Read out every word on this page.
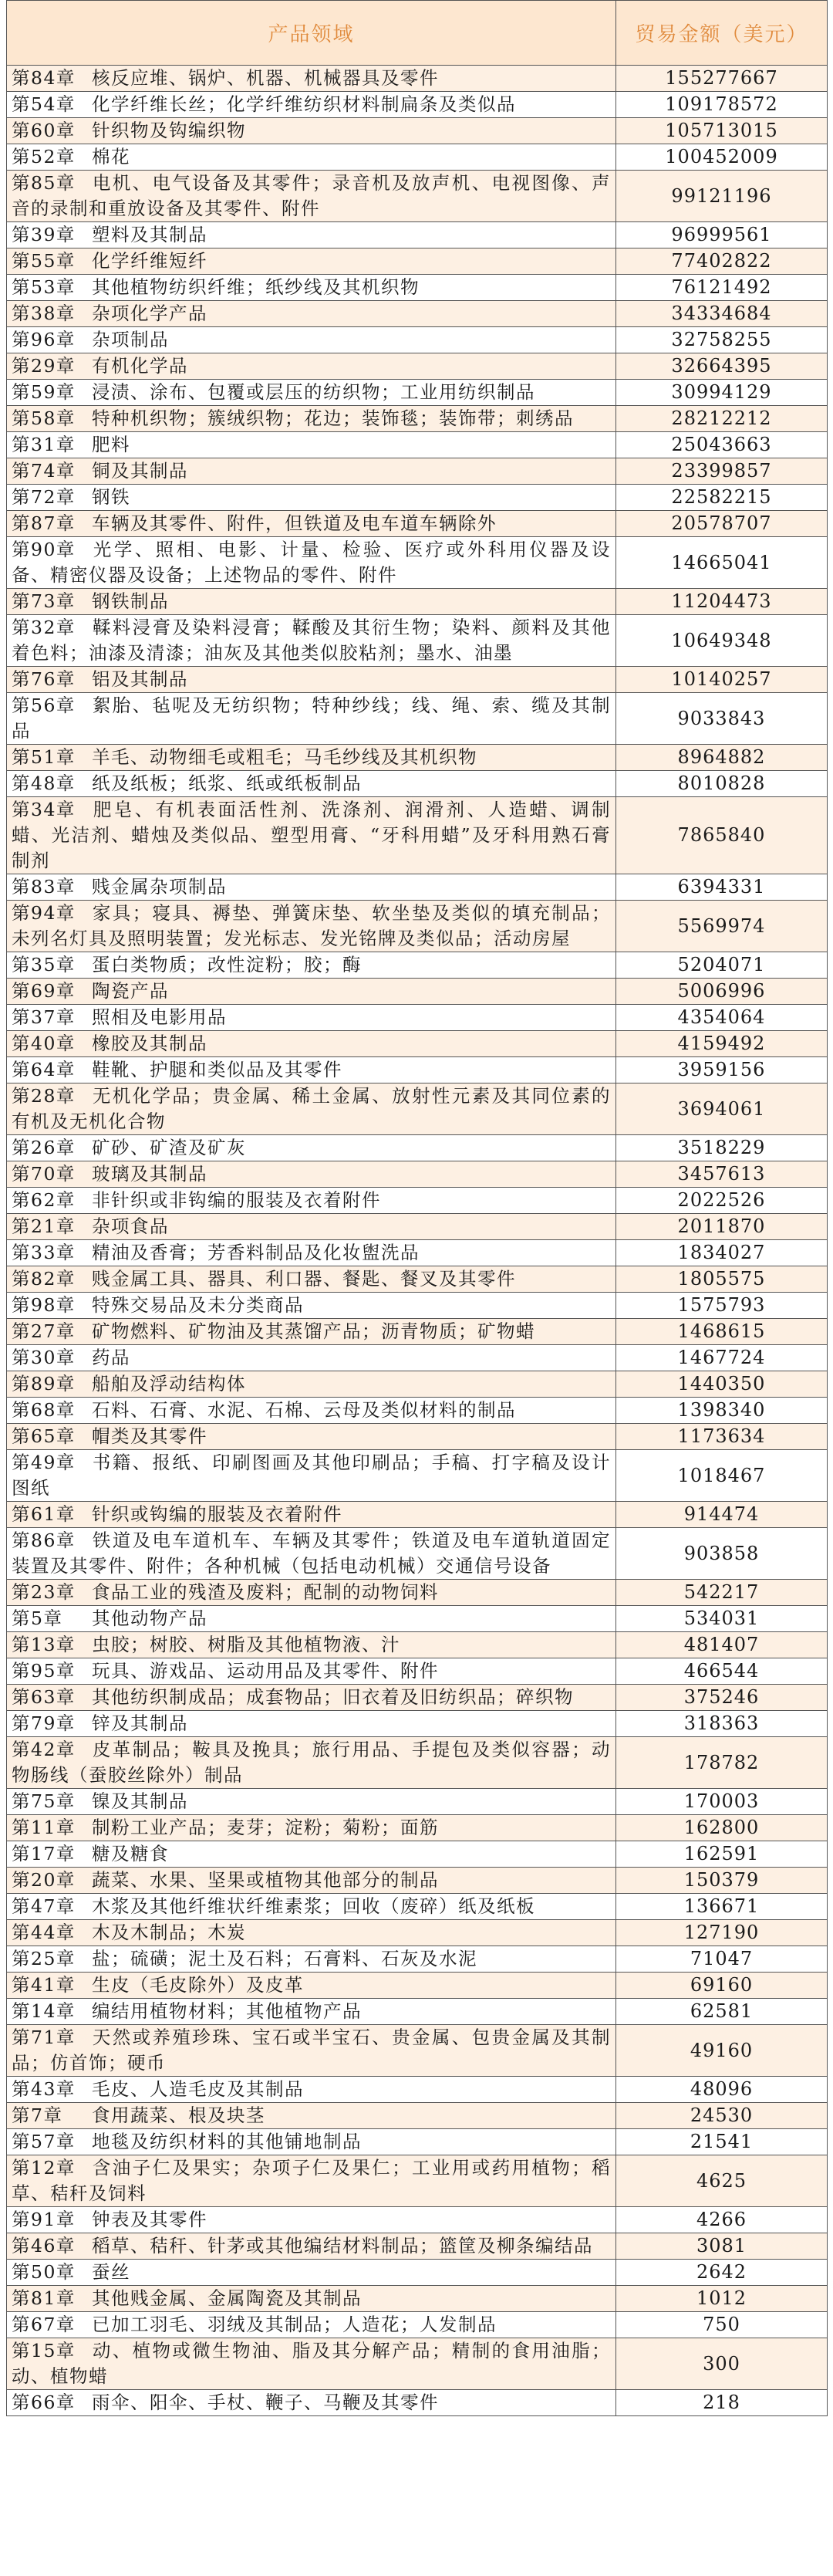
产品领域	贸易金额（美元）
第84章 核反应堆、锅炉、机器、机械器具及零件	155277667
第54章 化学纤维长丝；化学纤维纺织材料制扁条及类似品	109178572
第60章 针织物及钩编织物	105713015
第52章 棉花	100452009
第85章 电机、电气设备及其零件；录音机及放声机、电视图像、声音的录制和重放设备及其零件、附件	99121196
第39章 塑料及其制品	96999561
第55章 化学纤维短纤	77402822
第53章 其他植物纺织纤维；纸纱线及其机织物	76121492
第38章 杂项化学产品	34334684
第96章 杂项制品	32758255
第29章 有机化学品	32664395
第59章 浸渍、涂布、包覆或层压的纺织物；工业用纺织制品	30994129
第58章 特种机织物；簇绒织物；花边；装饰毯；装饰带；刺绣品	28212212
第31章 肥料	25043663
第74章 铜及其制品	23399857
第72章 钢铁	22582215
第87章 车辆及其零件、附件，但铁道及电车道车辆除外	20578707
第90章 光学、照相、电影、计量、检验、医疗或外科用仪器及设备、精密仪器及设备；上述物品的零件、附件	14665041
第73章 钢铁制品	11204473
第32章 鞣料浸膏及染料浸膏；鞣酸及其衍生物；染料、颜料及其他着色料；油漆及清漆；油灰及其他类似胶粘剂；墨水、油墨	10649348
第76章 铝及其制品	10140257
第56章 絮胎、毡呢及无纺织物；特种纱线；线、绳、索、缆及其制品	9033843
第51章 羊毛、动物细毛或粗毛；马毛纱线及其机织物	8964882
第48章 纸及纸板；纸浆、纸或纸板制品	8010828
第34章 肥皂、有机表面活性剂、洗涤剂、润滑剂、人造蜡、调制蜡、光洁剂、蜡烛及类似品、塑型用膏、“牙科用蜡”及牙科用熟石膏制剂	7865840
第83章 贱金属杂项制品	6394331
第94章 家具；寝具、褥垫、弹簧床垫、软坐垫及类似的填充制品；未列名灯具及照明装置；发光标志、发光铭牌及类似品；活动房屋	5569974
第35章 蛋白类物质；改性淀粉；胶；酶	5204071
第69章 陶瓷产品	5006996
第37章 照相及电影用品	4354064
第40章 橡胶及其制品	4159492
第64章 鞋靴、护腿和类似品及其零件	3959156
第28章 无机化学品；贵金属、稀土金属、放射性元素及其同位素的有机及无机化合物	3694061
第26章 矿砂、矿渣及矿灰	3518229
第70章 玻璃及其制品	3457613
第62章 非针织或非钩编的服装及衣着附件	2022526
第21章 杂项食品	2011870
第33章 精油及香膏；芳香料制品及化妆盥洗品	1834027
第82章 贱金属工具、器具、利口器、餐匙、餐叉及其零件	1805575
第98章 特殊交易品及未分类商品	1575793
第27章 矿物燃料、矿物油及其蒸馏产品；沥青物质；矿物蜡	1468615
第30章 药品	1467724
第89章 船舶及浮动结构体	1440350
第68章 石料、石膏、水泥、石棉、云母及类似材料的制品	1398340
第65章 帽类及其零件	1173634
第49章 书籍、报纸、印刷图画及其他印刷品；手稿、打字稿及设计图纸	1018467
第61章 针织或钩编的服装及衣着附件	914474
第86章 铁道及电车道机车、车辆及其零件；铁道及电车道轨道固定装置及其零件、附件；各种机械（包括电动机械）交通信号设备	903858
第23章 食品工业的残渣及废料；配制的动物饲料	542217
第5章 其他动物产品	534031
第13章 虫胶；树胶、树脂及其他植物液、汁	481407
第95章 玩具、游戏品、运动用品及其零件、附件	466544
第63章 其他纺织制成品；成套物品；旧衣着及旧纺织品；碎织物	375246
第79章 锌及其制品	318363
第42章 皮革制品；鞍具及挽具；旅行用品、手提包及类似容器；动物肠线（蚕胶丝除外）制品	178782
第75章 镍及其制品	170003
第11章 制粉工业产品；麦芽；淀粉；菊粉；面筋	162800
第17章 糖及糖食	162591
第20章 蔬菜、水果、坚果或植物其他部分的制品	150379
第47章 木浆及其他纤维状纤维素浆；回收（废碎）纸及纸板	136671
第44章 木及木制品；木炭	127190
第25章 盐；硫磺；泥土及石料；石膏料、石灰及水泥	71047
第41章 生皮（毛皮除外）及皮革	69160
第14章 编结用植物材料；其他植物产品	62581
第71章 天然或养殖珍珠、宝石或半宝石、贵金属、包贵金属及其制品；仿首饰；硬币	49160
第43章 毛皮、人造毛皮及其制品	48096
第7章 食用蔬菜、根及块茎	24530
第57章 地毯及纺织材料的其他铺地制品	21541
第12章 含油子仁及果实；杂项子仁及果仁；工业用或药用植物；稻草、秸秆及饲料	4625
第91章 钟表及其零件	4266
第46章 稻草、秸秆、针茅或其他编结材料制品；篮筐及柳条编结品	3081
第50章 蚕丝	2642
第81章 其他贱金属、金属陶瓷及其制品	1012
第67章 已加工羽毛、羽绒及其制品；人造花；人发制品	750
第15章 动、植物或微生物油、脂及其分解产品；精制的食用油脂；动、植物蜡	300
第66章 雨伞、阳伞、手杖、鞭子、马鞭及其零件	218
